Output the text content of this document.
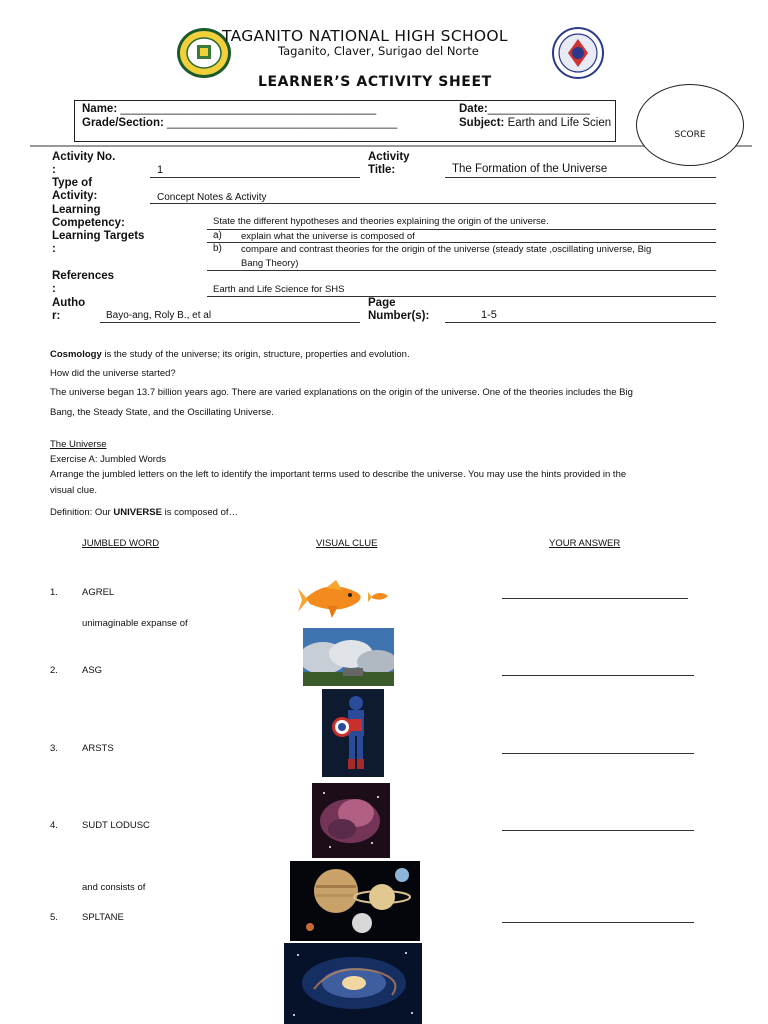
TAGANITO NATIONAL HIGH SCHOOL
Taganito, Claver, Surigao del Norte
LEARNER’S ACTIVITY SHEET
Name: ________________________________________	Date:________________
Grade/Section: ____________________________________	Subject: Earth and Life Scien
SCORE
Activity No.
:	1
Activity
Title:	The Formation of the Universe
Type of
Activity:	Concept Notes & Activity
Learning
Competency:	State the different hypotheses and theories explaining the origin of the universe.
Learning Targets
:
a) explain what the universe is composed of
b) compare and contrast theories for the origin of the universe (steady state ,oscillating universe, Big
Bang Theory)
References
:	Earth and Life Science for SHS
Autho
r:	Bayo-ang, Roly B., et al
Page
Number(s):	1-5
Cosmology is the study of the universe; its origin, structure, properties and evolution.
How did the universe started?
The universe began 13.7 billion years ago. There are varied explanations on the origin of the universe. One of the theories includes the Big
Bang, the Steady State, and the Oscillating Universe.
The Universe
Exercise A: Jumbled Words
Arrange the jumbled letters on the left to identify the important terms used to describe the universe. You may use the hints provided in the
visual clue.
Definition: Our UNIVERSE is composed of…
JUMBLED WORD	VISUAL CLUE	YOUR ANSWER
1.	AGREL
unimaginable expanse of
2.	ASG
3.	ARSTS
4.	SUDT LODUSC
and consists of
5.	SPLTANE
